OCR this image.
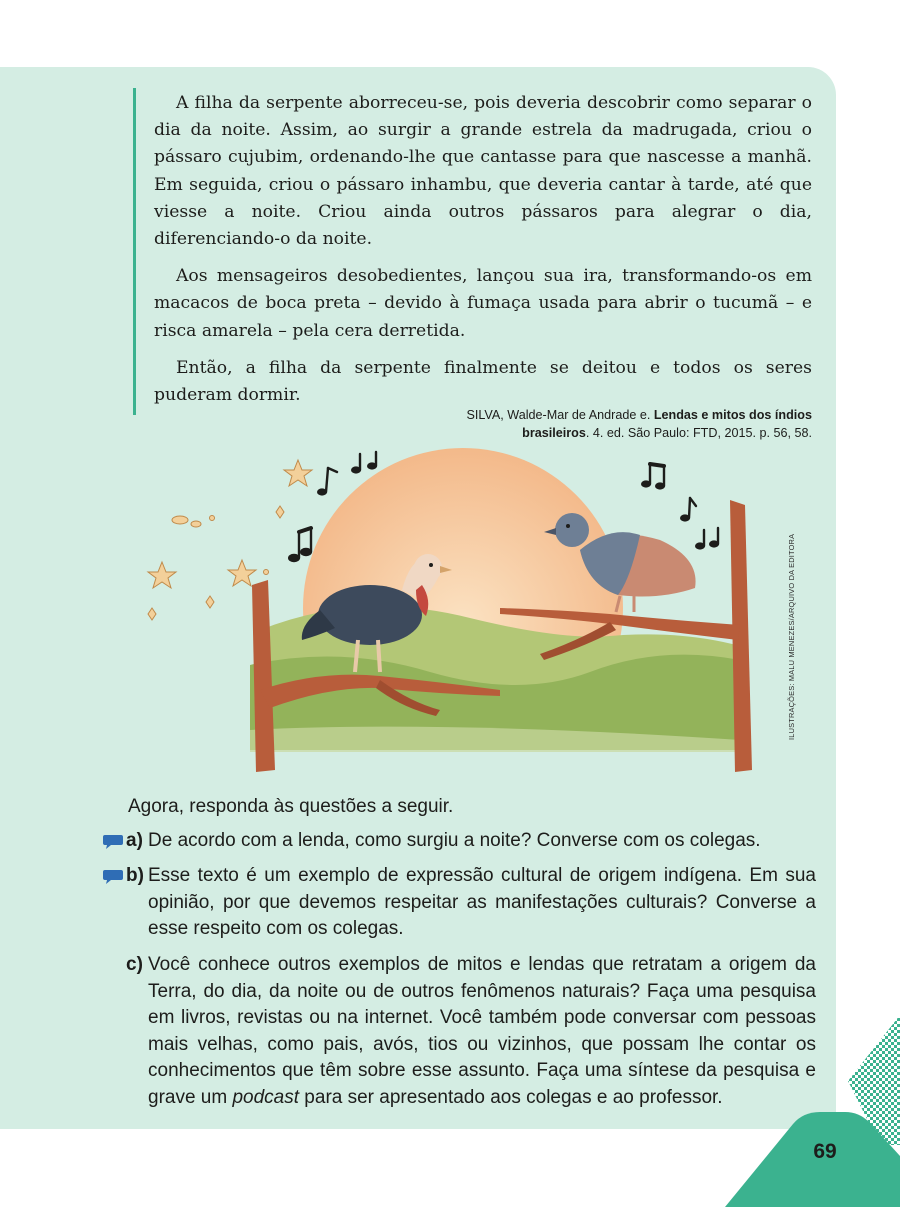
A filha da serpente aborreceu-se, pois deveria descobrir como separar o dia da noite. Assim, ao surgir a grande estrela da madrugada, criou o pássaro cujubim, ordenando-lhe que cantasse para que nascesse a manhã. Em seguida, criou o pássaro inhambu, que deveria cantar à tarde, até que viesse a noite. Criou ainda outros pássaros para alegrar o dia, diferenciando-o da noite.

Aos mensageiros desobedientes, lançou sua ira, transformando-os em macacos de boca preta – devido à fumaça usada para abrir o tucumã – e risca amarela – pela cera derretida.

Então, a filha da serpente finalmente se deitou e todos os seres puderam dormir.

SILVA, Walde-Mar de Andrade e. Lendas e mitos dos índios brasileiros. 4. ed. São Paulo: FTD, 2015. p. 56, 58.
ILUSTRAÇÕES: MALU MENEZES/ARQUIVO DA EDITORA
Agora, responda às questões a seguir.
a) De acordo com a lenda, como surgiu a noite? Converse com os colegas.
b) Esse texto é um exemplo de expressão cultural de origem indígena. Em sua opinião, por que devemos respeitar as manifestações culturais? Converse a esse respeito com os colegas.
c) Você conhece outros exemplos de mitos e lendas que retratam a origem da Terra, do dia, da noite ou de outros fenômenos naturais? Faça uma pesquisa em livros, revistas ou na internet. Você também pode conversar com pessoas mais velhas, como pais, avós, tios ou vizinhos, que possam lhe contar os conhecimentos que têm sobre esse assunto. Faça uma síntese da pesquisa e grave um podcast para ser apresentado aos colegas e ao professor.
69
